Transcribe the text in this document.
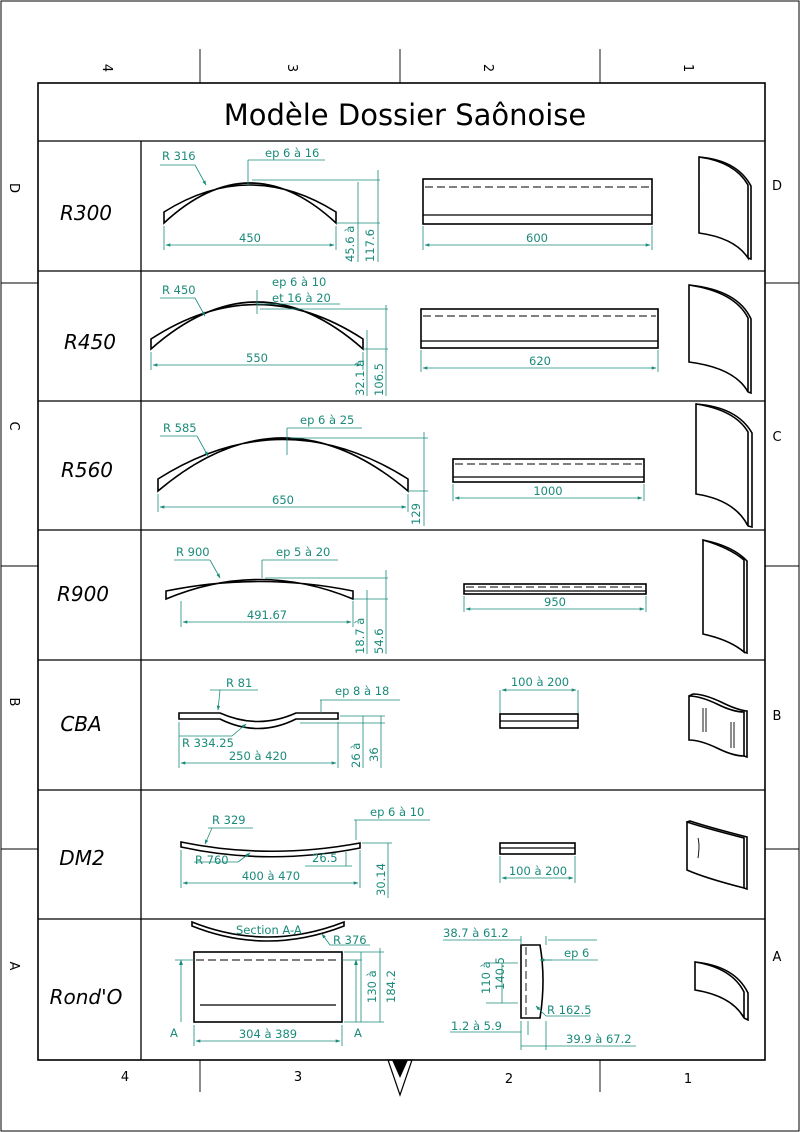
4	3	2	1
D
C
B
A
D
C
B
A
4	3	2	1
Modèle Dossier Saônoise
R300
R450
R560
R900
CBA
DM2
Rond'O
ep 6 à 16
R 316
450	45.6 à 117.6	600
ep 6 à 10
et 16 à 20
R 450
550
32.1 à 106.5
620
ep 6 à 25
R 585
650
129
1000
ep 5 à 20
R 900
491.67
18.7 à 54.6
950
R 81
ep 8 à 18
R 334.25
250 à 420	26 à 36
100 à 200
R 329
ep 6 à 10
R 760	26.5
400 à 470	30.14	100 à 200
Section A-A
R 376
A	A
304 à 389
130 à 184.2
38.7 à 61.2
ep 6
110 à 140.5
R 162.5
1.2 à 5.9
39.9 à 67.2
